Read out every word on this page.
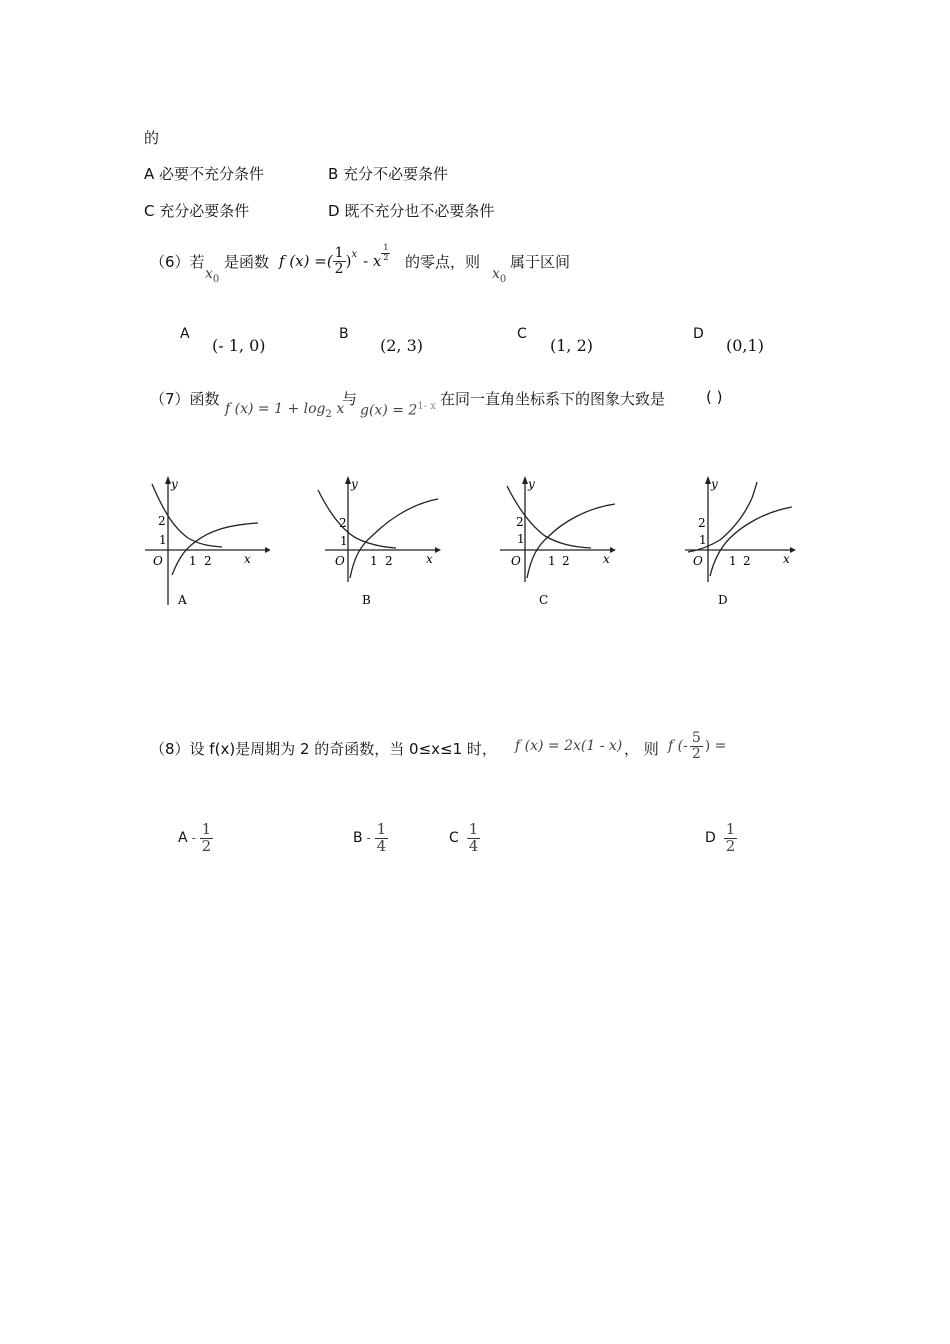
的
A 必要不充分条件	B 充分不必要条件
C 充分必要条件	D 既不充分也不必要条件
（6）若
$x_0$
是函数 f (x) =( $\frac{1}{2} )^x$ - x $\frac{1}{2}$ 的零点，则
$x_0$
属于区间
A
(- 1, 0)
B
(2, 3)
C
(1, 2)
D
(0,1)
（7）函数
f $(x) = 1 + \log_2 x$
与
$g(x) = 2^{1- x}$ 在同一直角坐标系下的图象大致是	( )
y
x
O
2
1
1 2
A
y
x
O
2
1
1 2
B
y
x
O
2
1
1 2
C
y
x
O
2
1
1 2
D
（8）设 f(x)是周期为 2 的奇函数，当 0≤x≤1 时， f (x) = 2x(1 - x) ， 则 f (- $\frac{5}{2}$ ) =
A - $\frac{1}{2}$	B - $\frac{1}{4}$	C $\frac{1}{4}$	D $\frac{1}{2}$
